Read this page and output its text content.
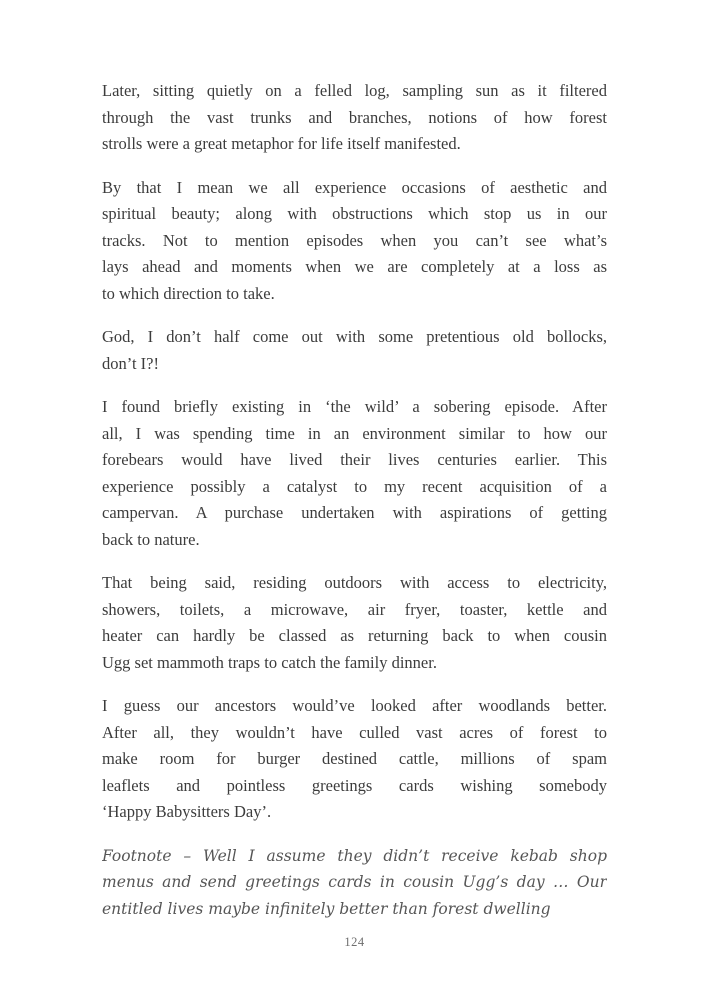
Later, sitting quietly on a felled log, sampling sun as it filtered
through the vast trunks and branches, notions of how forest
strolls were a great metaphor for life itself manifested.

By that I mean we all experience occasions of aesthetic and
spiritual beauty; along with obstructions which stop us in our
tracks. Not to mention episodes when you can’t see what’s
lays ahead and moments when we are completely at a loss as
to which direction to take.

God, I don’t half come out with some pretentious old bollocks,
don’t I?!

I found briefly existing in ‘the wild’ a sobering episode. After
all, I was spending time in an environment similar to how our
forebears would have lived their lives centuries earlier. This
experience possibly a catalyst to my recent acquisition of a
campervan. A purchase undertaken with aspirations of getting
back to nature.

That being said, residing outdoors with access to electricity,
showers, toilets, a microwave, air fryer, toaster, kettle and
heater can hardly be classed as returning back to when cousin
Ugg set mammoth traps to catch the family dinner.

I guess our ancestors would’ve looked after woodlands better.
After all, they wouldn’t have culled vast acres of forest to
make room for burger destined cattle, millions of spam
leaflets and pointless greetings cards wishing somebody
‘Happy Babysitters Day’.

Footnote – Well I assume they didn’t receive kebab shop
menus and send greetings cards in cousin Ugg’s day … Our
entitled lives maybe infinitely better than forest dwelling

124
